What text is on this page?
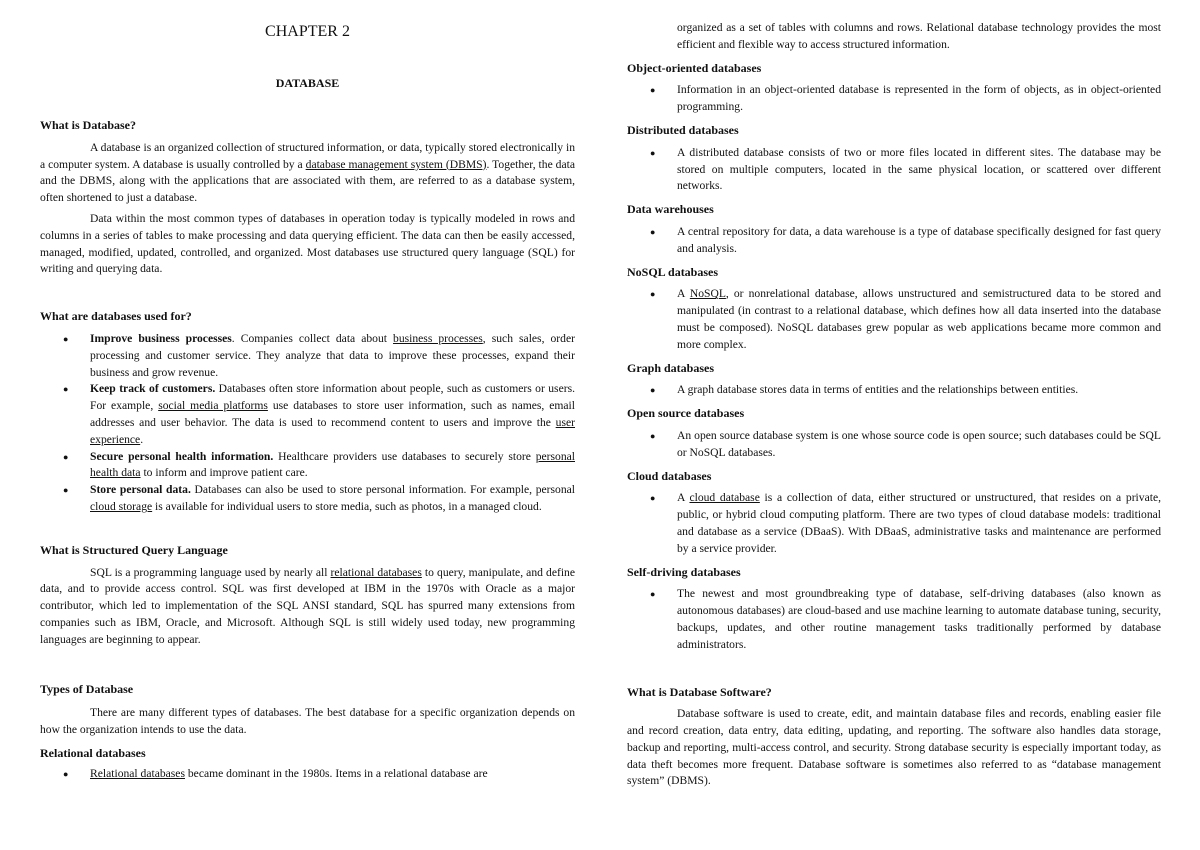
CHAPTER 2
DATABASE
What is Database?

A database is an organized collection of structured information, or data, typically stored electronically in a computer system. A database is usually controlled by a database management system (DBMS). Together, the data and the DBMS, along with the applications that are associated with them, are referred to as a database system, often shortened to just a database.

Data within the most common types of databases in operation today is typically modeled in rows and columns in a series of tables to make processing and data querying efficient. The data can then be easily accessed, managed, modified, updated, controlled, and organized. Most databases use structured query language (SQL) for writing and querying data.

What are databases used for?
● Improve business processes. Companies collect data about business processes, such sales, order processing and customer service. They analyze that data to improve these processes, expand their business and grow revenue.
● Keep track of customers. Databases often store information about people, such as customers or users. For example, social media platforms use databases to store user information, such as names, email addresses and user behavior. The data is used to recommend content to users and improve the user experience.
● Secure personal health information. Healthcare providers use databases to securely store personal health data to inform and improve patient care.
● Store personal data. Databases can also be used to store personal information. For example, personal cloud storage is available for individual users to store media, such as photos, in a managed cloud.
What is Structured Query Language

SQL is a programming language used by nearly all relational databases to query, manipulate, and define data, and to provide access control. SQL was first developed at IBM in the 1970s with Oracle as a major contributor, which led to implementation of the SQL ANSI standard, SQL has spurred many extensions from companies such as IBM, Oracle, and Microsoft. Although SQL is still widely used today, new programming languages are beginning to appear.

Types of Database

There are many different types of databases. The best database for a specific organization depends on how the organization intends to use the data.

Relational databases
● Relational databases became dominant in the 1980s. Items in a relational database are

organized as a set of tables with columns and rows. Relational database technology provides the most efficient and flexible way to access structured information.

Object-oriented databases
● Information in an object-oriented database is represented in the form of objects, as in object-oriented programming.
Distributed databases
● A distributed database consists of two or more files located in different sites. The database may be stored on multiple computers, located in the same physical location, or scattered over different networks.
Data warehouses
● A central repository for data, a data warehouse is a type of database specifically designed for fast query and analysis.
NoSQL databases
● A NoSQL, or nonrelational database, allows unstructured and semistructured data to be stored and manipulated (in contrast to a relational database, which defines how all data inserted into the database must be composed). NoSQL databases grew popular as web applications became more common and more complex.
Graph databases
● A graph database stores data in terms of entities and the relationships between entities.
Open source databases
● An open source database system is one whose source code is open source; such databases could be SQL or NoSQL databases.
Cloud databases
● A cloud database is a collection of data, either structured or unstructured, that resides on a private, public, or hybrid cloud computing platform. There are two types of cloud database models: traditional and database as a service (DBaaS). With DBaaS, administrative tasks and maintenance are performed by a service provider.
Self-driving databases
● The newest and most groundbreaking type of database, self-driving databases (also known as autonomous databases) are cloud-based and use machine learning to automate database tuning, security, backups, updates, and other routine management tasks traditionally performed by database administrators.
What is Database Software?

Database software is used to create, edit, and maintain database files and records, enabling easier file and record creation, data entry, data editing, updating, and reporting. The software also handles data storage, backup and reporting, multi-access control, and security. Strong database security is especially important today, as data theft becomes more frequent. Database software is sometimes also referred to as “database management system” (DBMS).
